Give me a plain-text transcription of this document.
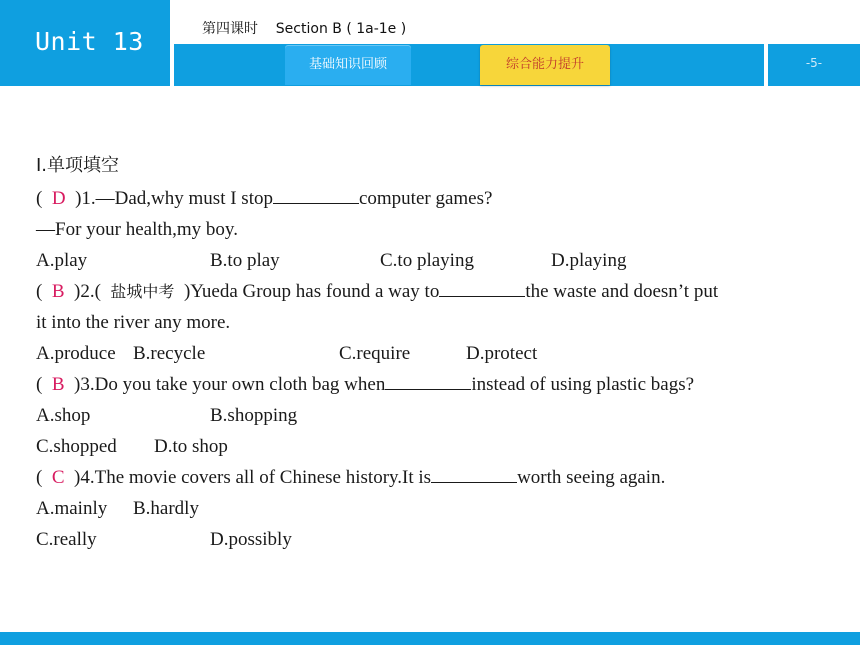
Unit 13	第四课时    Section B ( 1a-1e )
基础知识回顾	综合能力提升	-5-
Ⅰ.单项填空
(  D )1.—Dad,why must I stop	computer games?
—For your health,my boy.
A.play	B.to play	C.to playing	D.playing
(  B )2.( 盐城中考 )Yueda Group has found a way to	the waste and doesn’t put
it into the river any more.
A.produce B.recycle	C.require	D.protect
(  B )3.Do you take your own cloth bag when	instead of using plastic bags?
A.shop	B.shopping
C.shopped D.to shop
(  C )4.The movie covers all of Chinese history.It is	worth seeing again.
A.mainly B.hardly
C.really	D.possibly
